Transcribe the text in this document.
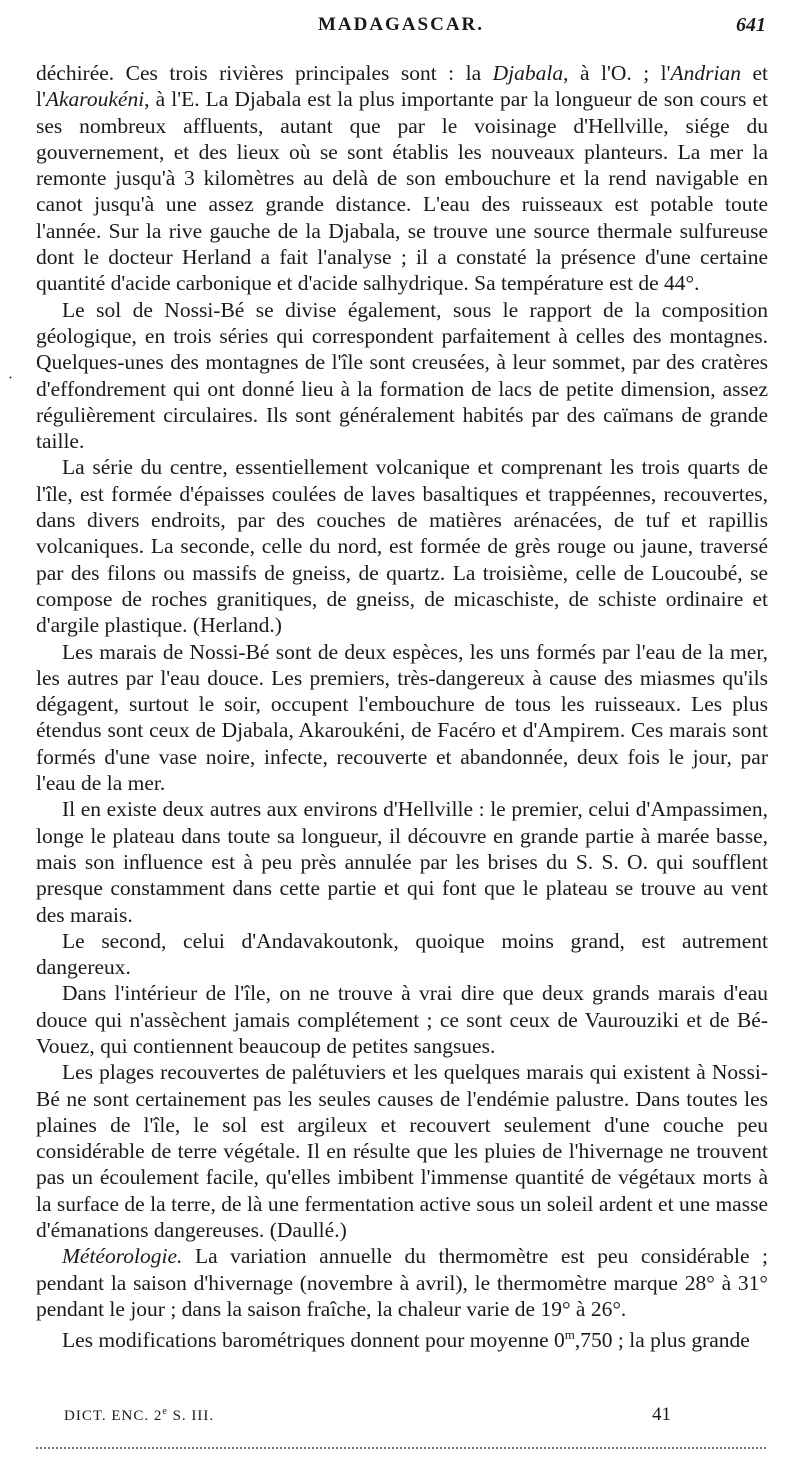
MADAGASCAR.	641
·

déchirée. Ces trois rivières principales sont : la Djabala, à l'O. ; l'Andrian et l'Akaroukéni, à l'E. La Djabala est la plus importante par la longueur de son cours et ses nombreux affluents, autant que par le voisinage d'Hellville, siége du gouvernement, et des lieux où se sont établis les nouveaux planteurs. La mer la remonte jusqu'à 3 kilomètres au delà de son embouchure et la rend navigable en canot jusqu'à une assez grande distance. L'eau des ruisseaux est potable toute l'année. Sur la rive gauche de la Djabala, se trouve une source thermale sulfureuse dont le docteur Herland a fait l'analyse ; il a constaté la présence d'une certaine quantité d'acide carbonique et d'acide salhydrique. Sa température est de 44°.

Le sol de Nossi-Bé se divise également, sous le rapport de la composition géologique, en trois séries qui correspondent parfaitement à celles des montagnes. Quelques-unes des montagnes de l'île sont creusées, à leur sommet, par des cratères d'effondrement qui ont donné lieu à la formation de lacs de petite dimension, assez régulièrement circulaires. Ils sont généralement habités par des caïmans de grande taille.

La série du centre, essentiellement volcanique et comprenant les trois quarts de l'île, est formée d'épaisses coulées de laves basaltiques et trappéennes, recouvertes, dans divers endroits, par des couches de matières arénacées, de tuf et rapillis volcaniques. La seconde, celle du nord, est formée de grès rouge ou jaune, traversé par des filons ou massifs de gneiss, de quartz. La troisième, celle de Loucoubé, se compose de roches granitiques, de gneiss, de micaschiste, de schiste ordinaire et d'argile plastique. (Herland.)

Les marais de Nossi-Bé sont de deux espèces, les uns formés par l'eau de la mer, les autres par l'eau douce. Les premiers, très-dangereux à cause des miasmes qu'ils dégagent, surtout le soir, occupent l'embouchure de tous les ruisseaux. Les plus étendus sont ceux de Djabala, Akaroukéni, de Facéro et d'Ampirem. Ces marais sont formés d'une vase noire, infecte, recouverte et abandonnée, deux fois le jour, par l'eau de la mer.

Il en existe deux autres aux environs d'Hellville : le premier, celui d'Ampassimen, longe le plateau dans toute sa longueur, il découvre en grande partie à marée basse, mais son influence est à peu près annulée par les brises du S. S. O. qui soufflent presque constamment dans cette partie et qui font que le plateau se trouve au vent des marais.

Le second, celui d'Andavakoutonk, quoique moins grand, est autrement dangereux.

Dans l'intérieur de l'île, on ne trouve à vrai dire que deux grands marais d'eau douce qui n'assèchent jamais complétement ; ce sont ceux de Vaurouziki et de Bé-Vouez, qui contiennent beaucoup de petites sangsues.

Les plages recouvertes de palétuviers et les quelques marais qui existent à Nossi-Bé ne sont certainement pas les seules causes de l'endémie palustre. Dans toutes les plaines de l'île, le sol est argileux et recouvert seulement d'une couche peu considérable de terre végétale. Il en résulte que les pluies de l'hivernage ne trouvent pas un écoulement facile, qu'elles imbibent l'immense quantité de végétaux morts à la surface de la terre, de là une fermentation active sous un soleil ardent et une masse d'émanations dangereuses. (Daullé.)

Météorologie. La variation annuelle du thermomètre est peu considérable ; pendant la saison d'hivernage (novembre à avril), le thermomètre marque 28° à 31° pendant le jour ; dans la saison fraîche, la chaleur varie de 19° à 26°.

Les modifications barométriques donnent pour moyenne 0$^m$,750 ; la plus grande

DICT. ENC. 2e S. III.	41
